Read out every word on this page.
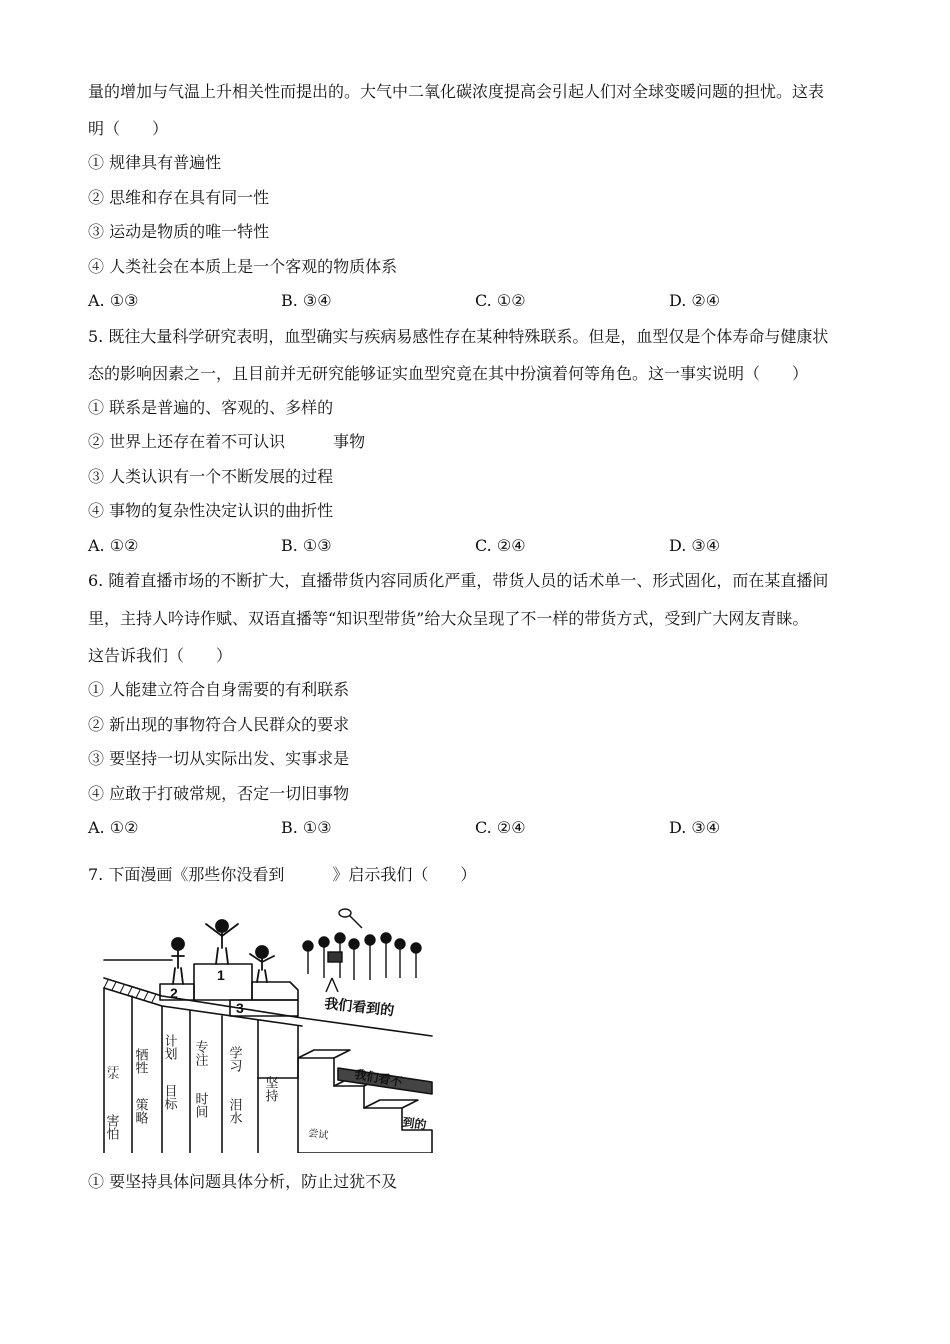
量的增加与气温上升相关性而提出的。大气中二氧化碳浓度提高会引起人们对全球变暖问题的担忧。这表
明（　　）
① 规律具有普遍性
② 思维和存在具有同一性
③ 运动是物质的唯一特性
④ 人类社会在本质上是一个客观的物质体系
A. ①③	B. ③④	C. ①②	D. ②④
5. 既往大量科学研究表明，血型确实与疾病易感性存在某种特殊联系。但是，血型仅是个体寿命与健康状
态的影响因素之一，且目前并无研究能够证实血型究竟在其中扮演着何等角色。这一事实说明（　　）
① 联系是普遍的、客观的、多样的
② 世界上还存在着不可认识	事物
③ 人类认识有一个不断发展的过程
④ 事物的复杂性决定认识的曲折性
A. ①②	B. ①③	C. ②④	D. ③④
6. 随着直播市场的不断扩大，直播带货内容同质化严重，带货人员的话术单一、形式固化，而在某直播间
里，主持人吟诗作赋、双语直播等“知识型带货”给大众呈现了不一样的带货方式，受到广大网友青睐。
这告诉我们（　　）
① 人能建立符合自身需要的有利联系
② 新出现的事物符合人民群众的要求
③ 要坚持一切从实际出发、实事求是
④ 应敢于打破常规，否定一切旧事物
A. ①②	B. ①③	C. ②④	D. ③④
7. 下面漫画《那些你没看到	》启示我们（　　）
2
1
3	我们看到的
我们看不
到的
汗水
害怕
牺牲
策略
计划
目标
专注
时间
学习
泪水
坚持
尝试
① 要坚持具体问题具体分析，防止过犹不及
